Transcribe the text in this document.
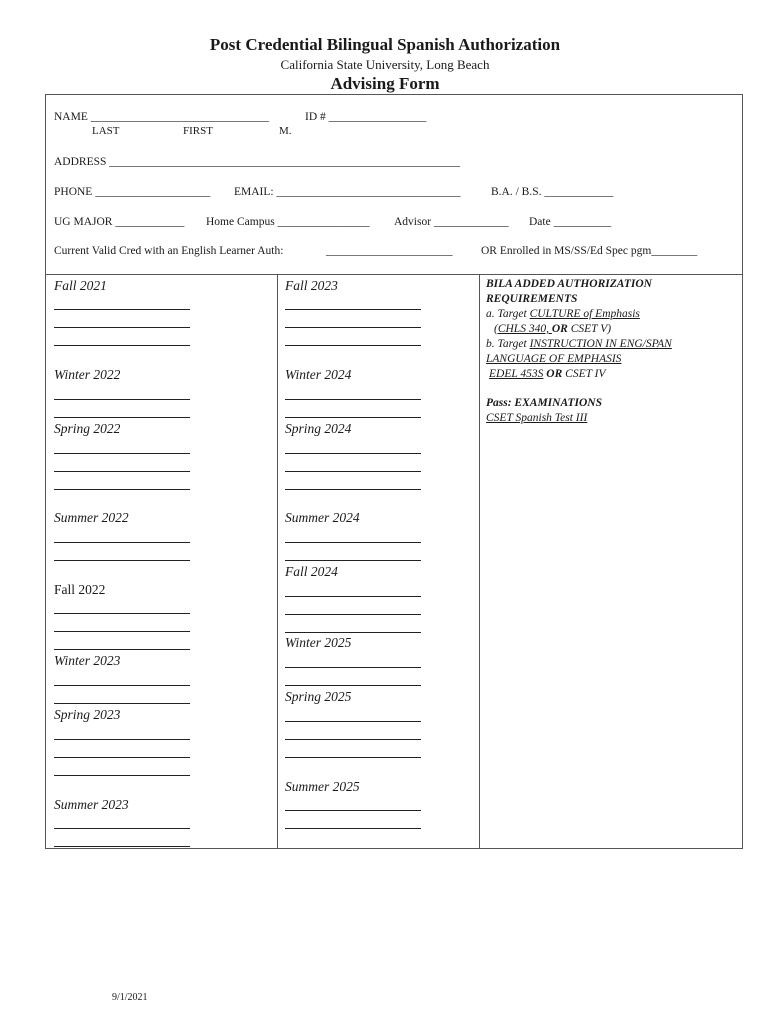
Post Credential Bilingual Spanish Authorization
California State University, Long Beach
Advising Form
NAME _______________________________	ID # _________________
LAST	FIRST	M.
ADDRESS _____________________________________________________________
PHONE ____________________ EMAIL: ________________________________	B.A. / B.S. ____________
UG MAJOR ____________ Home Campus ________________ Advisor _____________ Date __________
Current Valid Cred with an English Learner Auth:	______________________ OR Enrolled in MS/SS/Ed Spec pgm________
Fall 2021
Winter 2022
Spring 2022
Summer 2022
Fall 2022
Winter 2023
Spring 2023
Summer 2023
Fall 2023
Winter 2024
Spring 2024
Summer 2024
Fall 2024
Winter 2025
Spring 2025
Summer 2025
BILA ADDED AUTHORIZATION
REQUIREMENTS
a. Target CULTURE of Emphasis
(CHLS 340, OR CSET V)
b. Target INSTRUCTION IN ENG/SPAN
LANGUAGE OF EMPHASIS
EDEL 453S OR CSET IV
Pass: EXAMINATIONS
CSET Spanish Test III
9/1/2021
